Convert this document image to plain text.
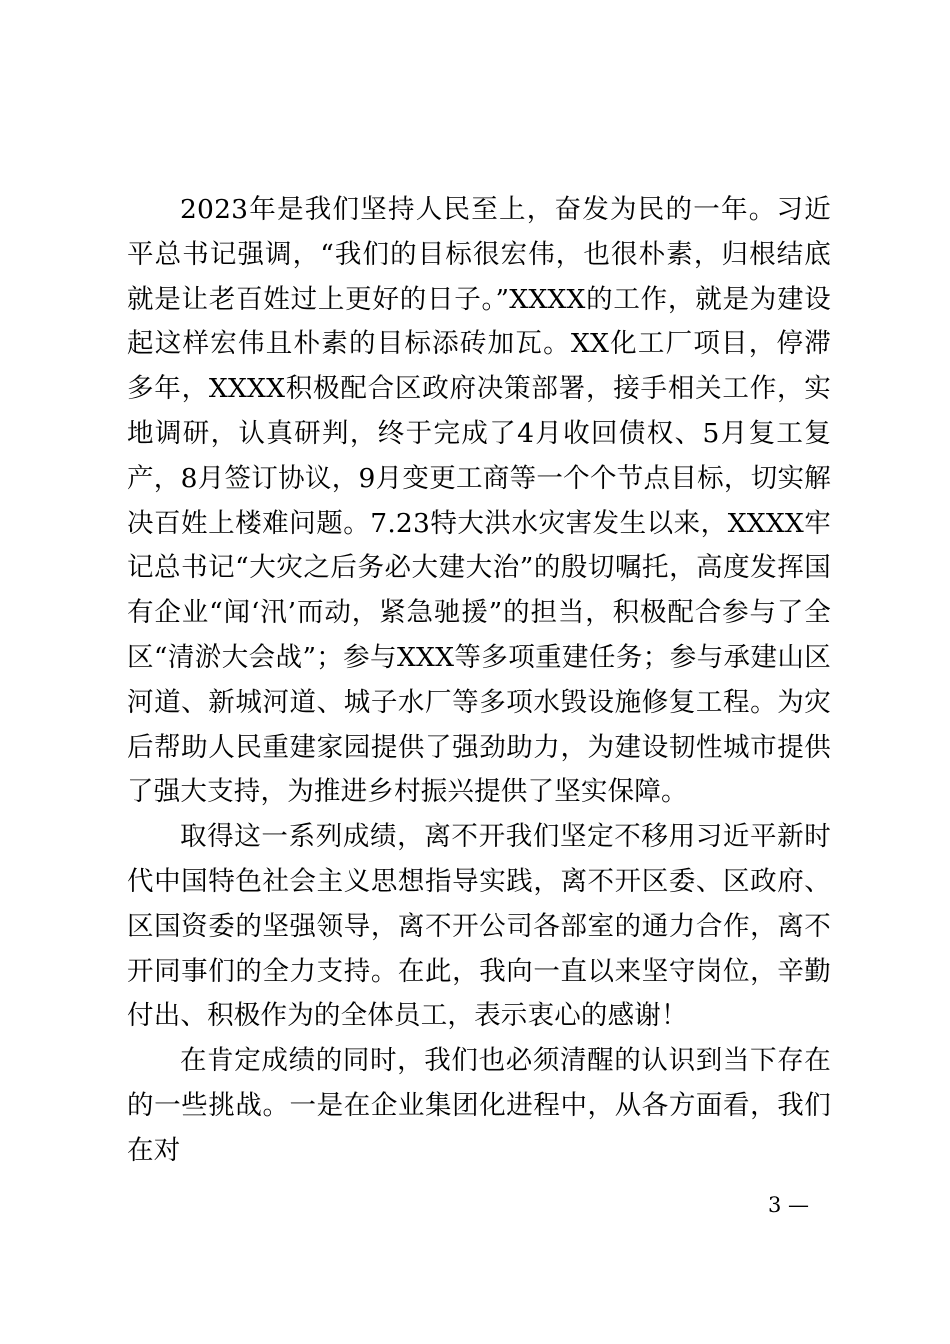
2023年是我们坚持人民至上，奋发为民的一年。习近平总书记强调，“我们的目标很宏伟，也很朴素，归根结底就是让老百姓过上更好的日子。”XXXX的工作，就是为建设起这样宏伟且朴素的目标添砖加瓦。XX化工厂项目，停滞多年，XXXX积极配合区政府决策部署，接手相关工作，实地调研，认真研判，终于完成了4月收回债权、5月复工复产，8月签订协议，9月变更工商等一个个节点目标，切实解决百姓上楼难问题。7.23特大洪水灾害发生以来，XXXX牢记总书记“大灾之后务必大建大治”的殷切嘱托，高度发挥国有企业“闻‘汛’而动，紧急驰援”的担当，积极配合参与了全区“清淤大会战”；参与XXX等多项重建任务；参与承建山区河道、新城河道、城子水厂等多项水毁设施修复工程。为灾后帮助人民重建家园提供了强劲助力，为建设韧性城市提供了强大支持，为推进乡村振兴提供了坚实保障。

取得这一系列成绩，离不开我们坚定不移用习近平新时代中国特色社会主义思想指导实践，离不开区委、区政府、区国资委的坚强领导，离不开公司各部室的通力合作，离不开同事们的全力支持。在此，我向一直以来坚守岗位，辛勤付出、积极作为的全体员工，表示衷心的感谢！

在肯定成绩的同时，我们也必须清醒的认识到当下存在的一些挑战。一是在企业集团化进程中，从各方面看，我们在对

3 —
